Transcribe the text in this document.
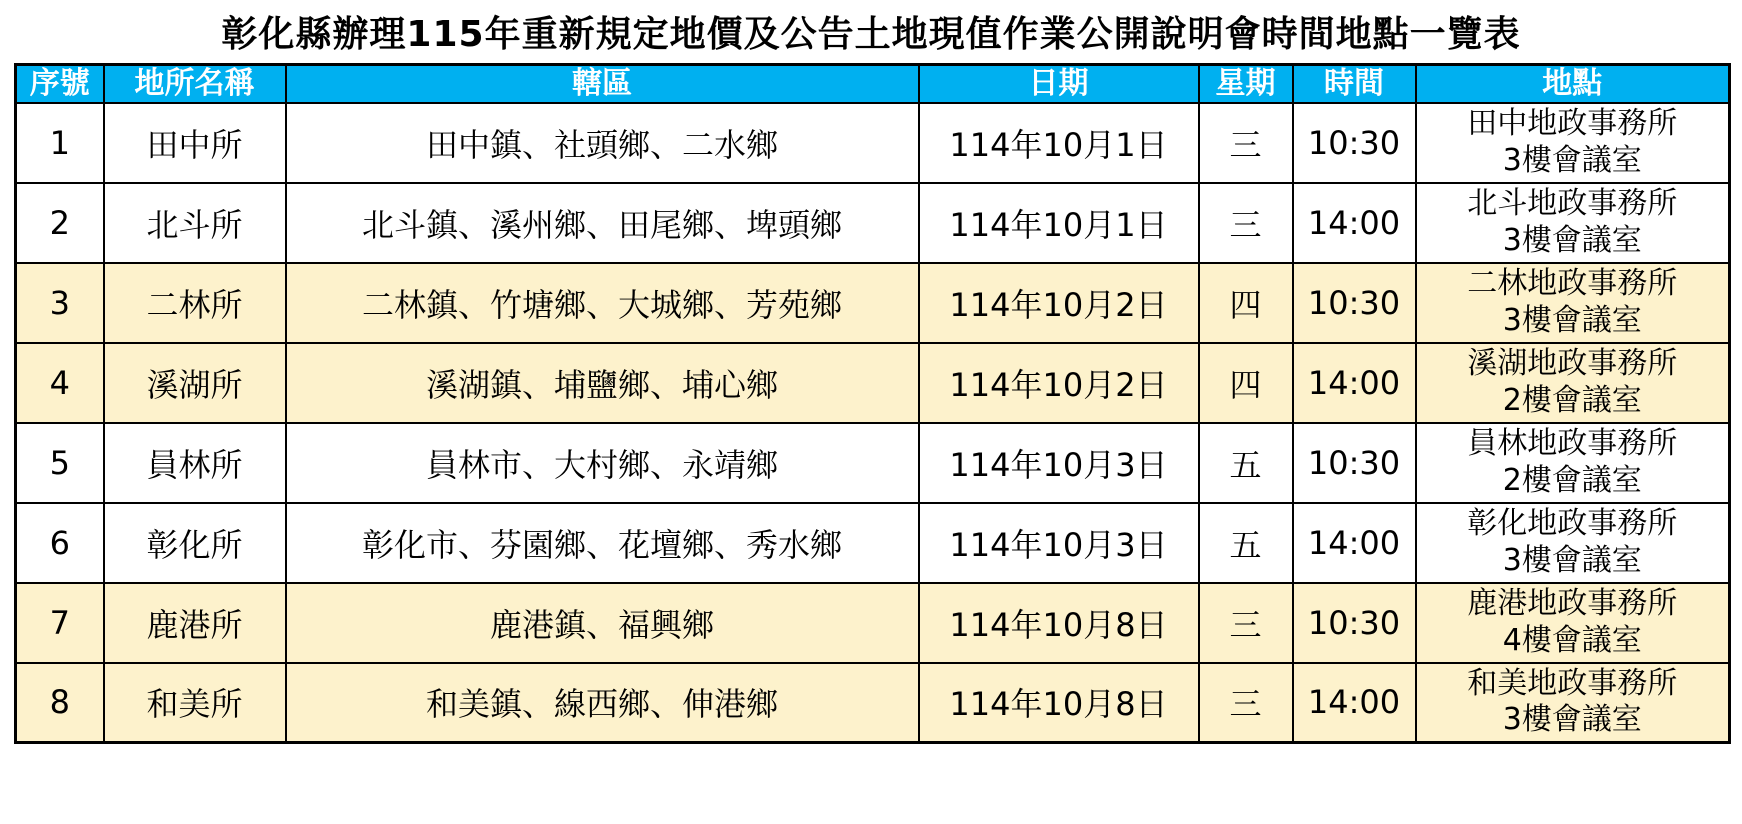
彰化縣辦理115年重新規定地價及公告土地現值作業公開說明會時間地點一覽表
序號	地所名稱	轄區	日期	星期	時間	地點
1	田中所	田中鎮、社頭鄉、二水鄉	114年10月1日	三	10:30	田中地政事務所
3樓會議室

2	北斗所	北斗鎮、溪州鄉、田尾鄉、埤頭鄉	114年10月1日	三	14:00	北斗地政事務所
3樓會議室

3	二林所	二林鎮、竹塘鄉、大城鄉、芳苑鄉	114年10月2日	四	10:30	二林地政事務所
3樓會議室

4	溪湖所	溪湖鎮、埔鹽鄉、埔心鄉	114年10月2日	四	14:00	溪湖地政事務所
2樓會議室

5	員林所	員林市、大村鄉、永靖鄉	114年10月3日	五	10:30	員林地政事務所
2樓會議室

6	彰化所	彰化市、芬園鄉、花壇鄉、秀水鄉	114年10月3日	五	14:00	彰化地政事務所
3樓會議室

7	鹿港所	鹿港鎮、福興鄉	114年10月8日	三	10:30	鹿港地政事務所
4樓會議室

8	和美所	和美鎮、線西鄉、伸港鄉	114年10月8日	三	14:00	和美地政事務所
3樓會議室
